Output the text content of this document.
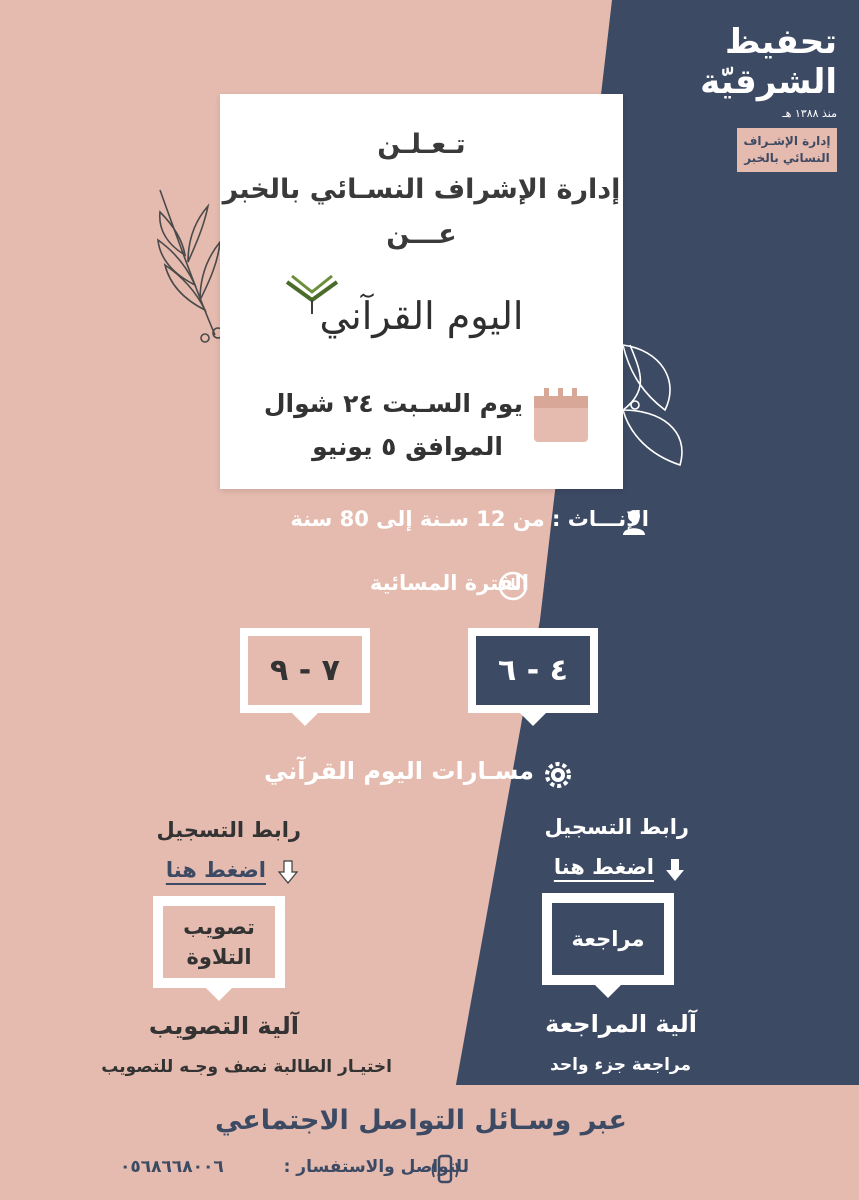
تحفيظ
الشرقيّة
منذ ١٣٨٨ هـ
إدارة الإشـراف
النسائي بالخبر
تـعـلـن
إدارة الإشراف النسـائي بالخبر
عـــن
اليوم القرآني
يوم السـبت ٢٤ شوال
الموافق ٥ يونيو
الإنـــاث : من 12 سـنة إلى 80 سنة
الفترة المسائية
٤ - ٦
٧ - ٩
مسـارات اليوم القرآني
رابط التسجيل
اضغط هنا
مراجعة
آلية المراجعة
مراجعة جزء واحد
رابط التسجيل
اضغط هنا
تصويب التلاوة
آلية التصويب
اختيـار الطالبة نصف وجـه للتصويب
عبر وسـائل التواصل الاجتماعي
للتواصل والاستفسار :
٠٥٦٨٦٦٨٠٠٦
